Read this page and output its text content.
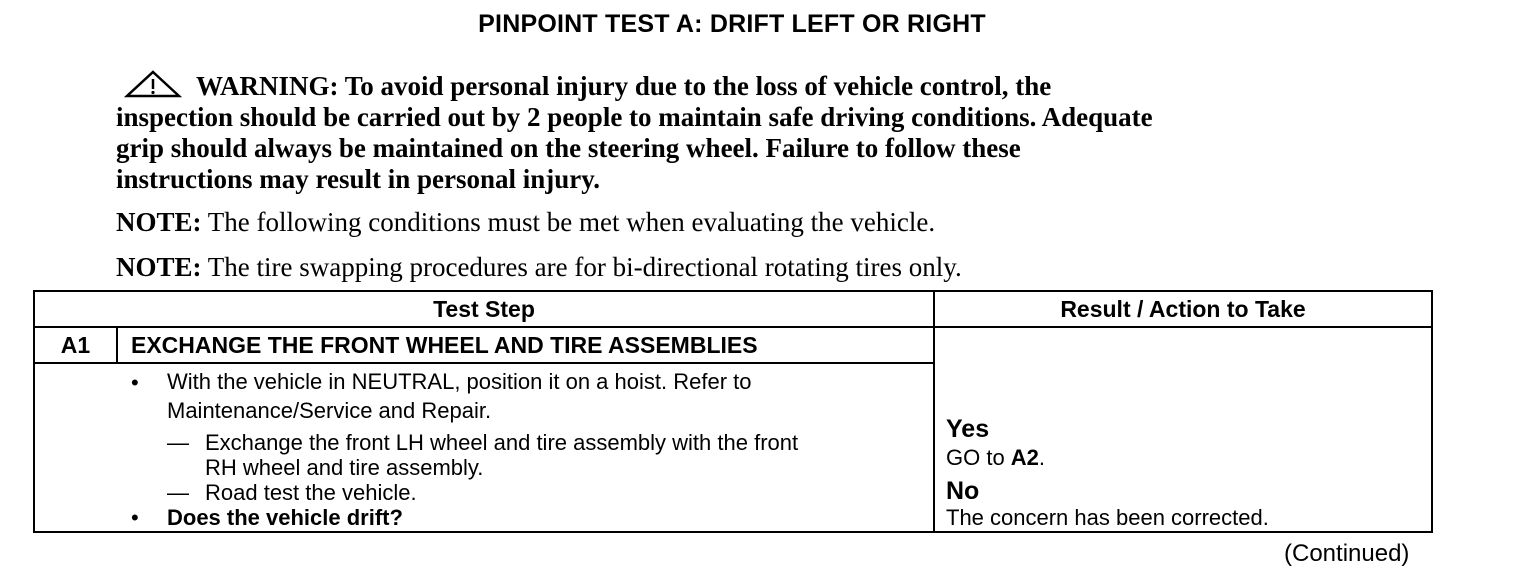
PINPOINT TEST A: DRIFT LEFT OR RIGHT
WARNING: To avoid personal injury due to the loss of vehicle control, the
inspection should be carried out by 2 people to maintain safe driving conditions. Adequate
grip should always be maintained on the steering wheel. Failure to follow these
instructions may result in personal injury.
NOTE: The following conditions must be met when evaluating the vehicle.
NOTE: The tire swapping procedures are for bi-directional rotating tires only.
Test Step	Result / Action to Take
A1	EXCHANGE THE FRONT WHEEL AND TIRE ASSEMBLIES
• With the vehicle in NEUTRAL, position it on a hoist. Refer to
Maintenance/Service and Repair.
— Exchange the front LH wheel and tire assembly with the front
RH wheel and tire assembly.
— Road test the vehicle.
• Does the vehicle drift?
Yes
GO to A2.
No
The concern has been corrected.
(Continued)
